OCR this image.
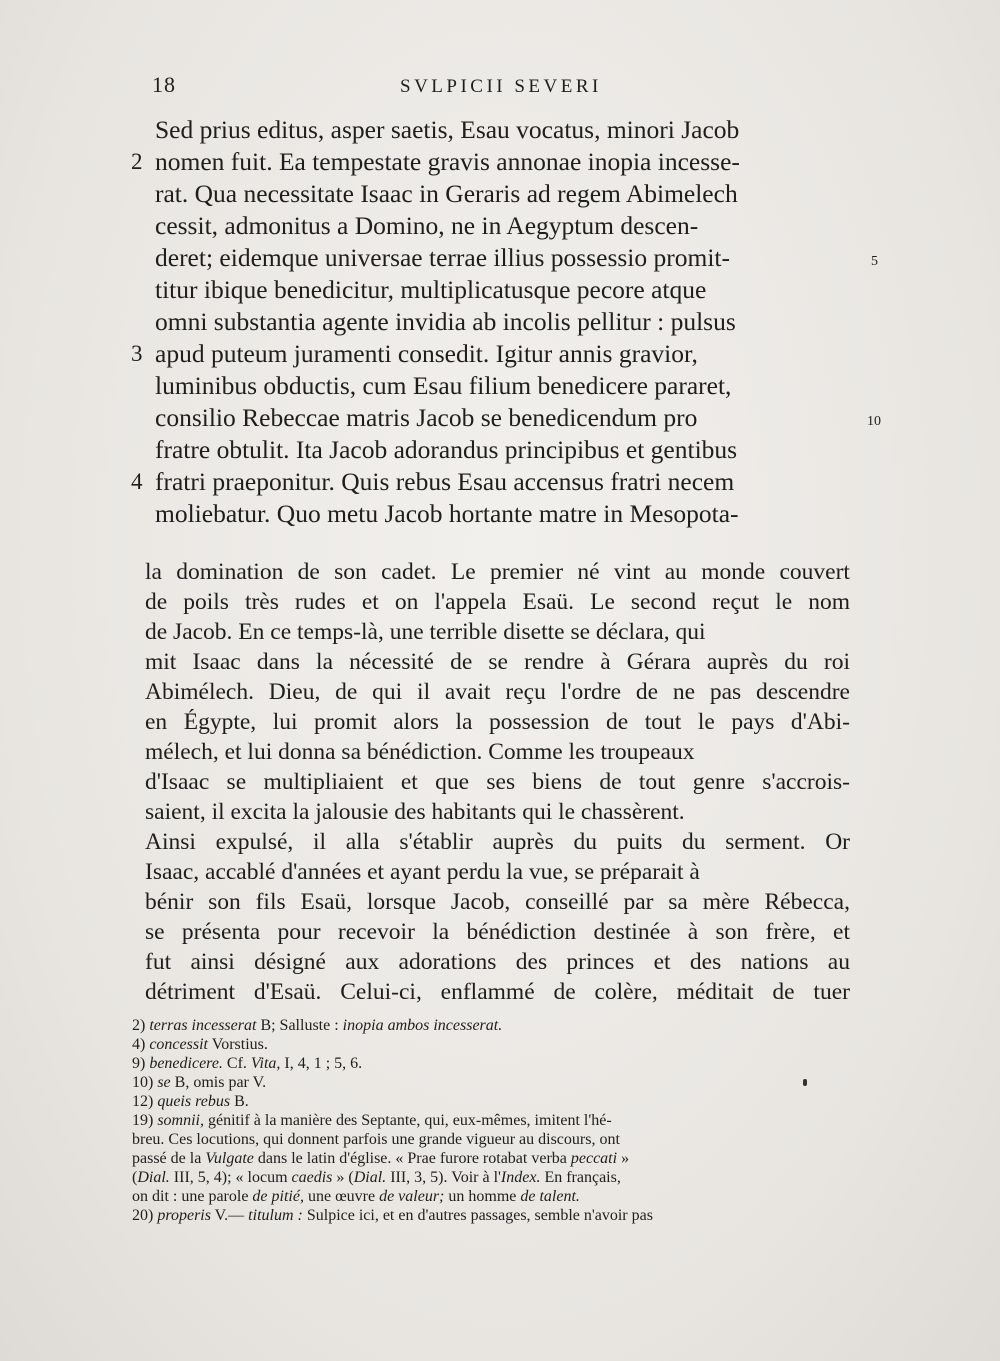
18	SVLPICII SEVERI
Sed prius editus, asper saetis, Esau vocatus, minori Jacob
2 nomen fuit. Ea tempestate gravis annonae inopia incesse-
rat. Qua necessitate Isaac in Geraris ad regem Abimelech
cessit, admonitus a Domino, ne in Aegyptum descen-
deret; eidemque universae terrae illius possessio promit-	5
titur ibique benedicitur, multiplicatusque pecore atque
omni substantia agente invidia ab incolis pellitur : pulsus
3 apud puteum juramenti consedit. Igitur annis gravior,
luminibus obductis, cum Esau filium benedicere pararet,
consilio Rebeccae matris Jacob se benedicendum pro	10
fratre obtulit. Ita Jacob adorandus principibus et gentibus
4 fratri praeponitur. Quis rebus Esau accensus fratri necem
moliebatur. Quo metu Jacob hortante matre in Mesopota-
la domination de son cadet. Le premier né vint au monde couvert
de poils très rudes et on l'appela Esaü. Le second reçut le nom
de Jacob. En ce temps-là, une terrible disette se déclara, qui
mit Isaac dans la nécessité de se rendre à Gérara auprès du roi
Abimélech. Dieu, de qui il avait reçu l'ordre de ne pas descendre
en Égypte, lui promit alors la possession de tout le pays d'Abi-
mélech, et lui donna sa bénédiction. Comme les troupeaux
d'Isaac se multipliaient et que ses biens de tout genre s'accrois-
saient, il excita la jalousie des habitants qui le chassèrent.
Ainsi expulsé, il alla s'établir auprès du puits du serment. Or
Isaac, accablé d'années et ayant perdu la vue, se préparait à
bénir son fils Esaü, lorsque Jacob, conseillé par sa mère Rébecca,
se présenta pour recevoir la bénédiction destinée à son frère, et
fut ainsi désigné aux adorations des princes et des nations au
détriment d'Esaü. Celui-ci, enflammé de colère, méditait de tuer
2) terras incesserat B; Salluste : inopia ambos incesserat.
4) concessit Vorstius.
9) benedicere. Cf. Vita, I, 4, 1 ; 5, 6.
10) se B, omis par V.
12) queis rebus B.
19) somnii, génitif à la manière des Septante, qui, eux-mêmes, imitent l'hé-
breu. Ces locutions, qui donnent parfois une grande vigueur au discours, ont
passé de la Vulgate dans le latin d'église. « Prae furore rotabat verba peccati »
(Dial. III, 5, 4); « locum caedis » (Dial. III, 3, 5). Voir à l'Index. En français,
on dit : une parole de pitié, une œuvre de valeur; un homme de talent.
20) properis V.— titulum : Sulpice ici, et en d'autres passages, semble n'avoir pas
